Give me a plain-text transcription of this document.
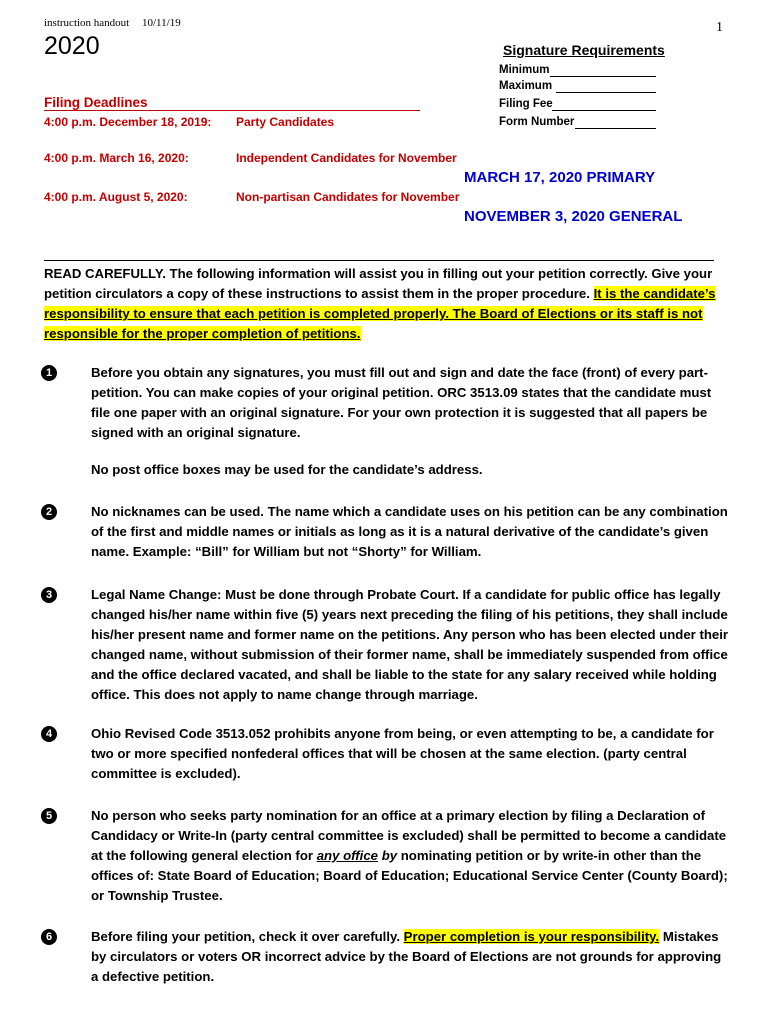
instruction handout 10/11/19	1
2020	Signature Requirements
Minimum
Maximum
Filing Fee
Form Number
Filing Deadlines
4:00 p.m. December 18, 2019: Party Candidates
4:00 p.m. March 16, 2020:	Independent Candidates for November
4:00 p.m. August 5, 2020:	Non-partisan Candidates for November
MARCH 17, 2020 PRIMARY
NOVEMBER 3, 2020 GENERAL
READ CAREFULLY. The following information will assist you in filling out your petition correctly. Give your petition circulators a copy of these instructions to assist them in the proper procedure. It is the candidate’s responsibility to ensure that each petition is completed properly. The Board of Elections or its staff is not responsible for the proper completion of petitions.
1	Before you obtain any signatures, you must fill out and sign and date the face (front) of every part-petition. You can make copies of your original petition. ORC 3513.09 states that the candidate must file one paper with an original signature. For your own protection it is suggested that all papers be signed with an original signature.
No post office boxes may be used for the candidate’s address.
2	No nicknames can be used. The name which a candidate uses on his petition can be any combination of the first and middle names or initials as long as it is a natural derivative of the candidate’s given name. Example: “Bill” for William but not “Shorty” for William.
3	Legal Name Change: Must be done through Probate Court. If a candidate for public office has legally changed his/her name within five (5) years next preceding the filing of his petitions, they shall include his/her present name and former name on the petitions. Any person who has been elected under their changed name, without submission of their former name, shall be immediately suspended from office and the office declared vacated, and shall be liable to the state for any salary received while holding office. This does not apply to name change through marriage.
4	Ohio Revised Code 3513.052 prohibits anyone from being, or even attempting to be, a candidate for two or more specified nonfederal offices that will be chosen at the same election. (party central committee is excluded).
5	No person who seeks party nomination for an office at a primary election by filing a Declaration of Candidacy or Write-In (party central committee is excluded) shall be permitted to become a candidate at the following general election for any office by nominating petition or by write-in other than the offices of: State Board of Education; Board of Education; Educational Service Center (County Board); or Township Trustee.
6	Before filing your petition, check it over carefully. Proper completion is your responsibility. Mistakes by circulators or voters OR incorrect advice by the Board of Elections are not grounds for approving a defective petition.
